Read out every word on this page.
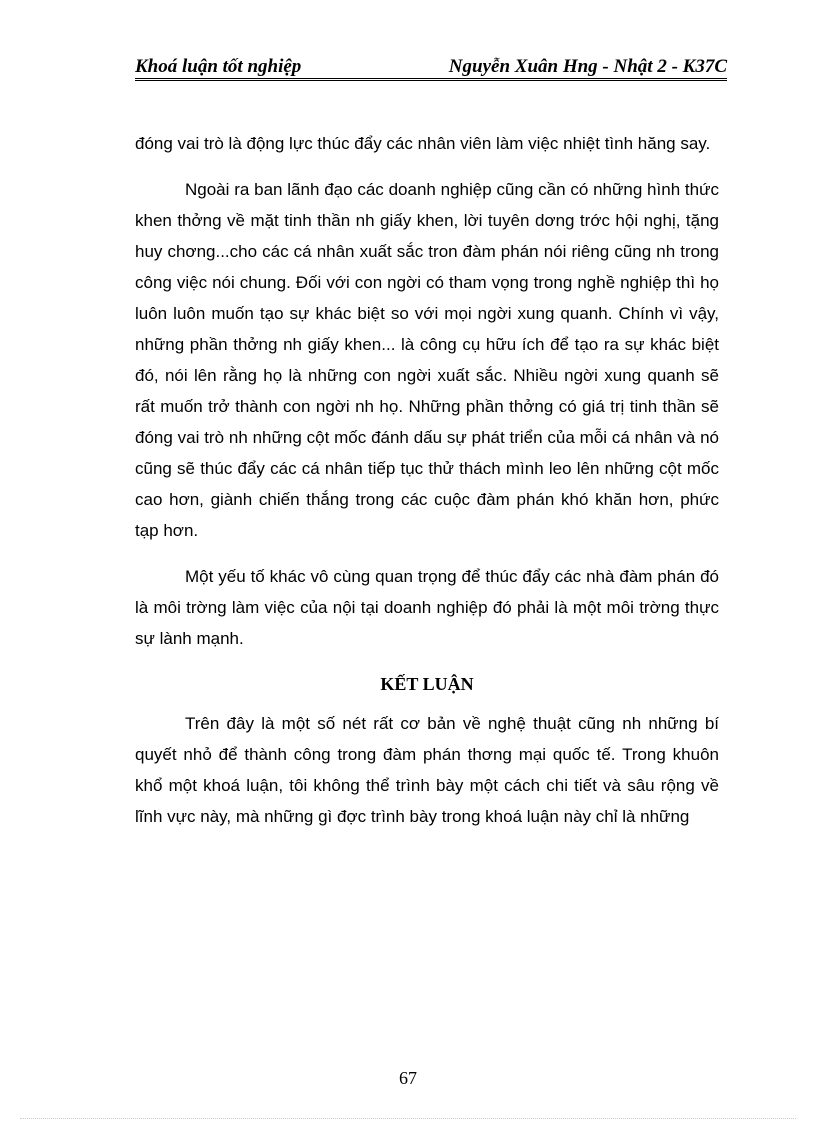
Khoá luận tốt nghiệp	Nguyễn Xuân Hng - Nhật 2 - K37C

đóng vai trò là động lực thúc đẩy các nhân viên làm việc nhiệt tình hăng say.

Ngoài ra ban lãnh đạo các doanh nghiệp cũng cần có những hình thức khen thởng về mặt tinh thần nh giấy khen, lời tuyên dơng trớc hội nghị, tặng huy chơng...cho các cá nhân xuất sắc tron đàm phán nói riêng cũng nh trong công việc nói chung. Đối với con ngời có tham vọng trong nghề nghiệp thì họ luôn luôn muốn tạo sự khác biệt so với mọi ngời xung quanh. Chính vì vậy, những phần thởng nh giấy khen... là công cụ hữu ích để tạo ra sự khác biệt đó, nói lên rằng họ là những con ngời xuất sắc. Nhiều ngời xung quanh sẽ rất muốn trở thành con ngời nh họ. Những phần thởng có giá trị tinh thần sẽ đóng vai trò nh những cột mốc đánh dấu sự phát triển của mỗi cá nhân và nó cũng sẽ thúc đẩy các cá nhân tiếp tục thử thách mình leo lên những cột mốc cao hơn, giành chiến thắng trong các cuộc đàm phán khó khăn hơn, phức tạp hơn.

Một yếu tố khác vô cùng quan trọng để thúc đẩy các nhà đàm phán đó là môi trờng làm việc của nội tại doanh nghiệp đó phải là một môi trờng thực sự lành mạnh.

KẾT LUẬN

Trên đây là một số nét rất cơ bản về nghệ thuật cũng nh những bí quyết nhỏ để thành công trong đàm phán thơng mại quốc tế. Trong khuôn khổ một khoá luận, tôi không thể trình bày một cách chi tiết và sâu rộng về lĩnh vực này, mà những gì đợc trình bày trong khoá luận này chỉ là những

67
